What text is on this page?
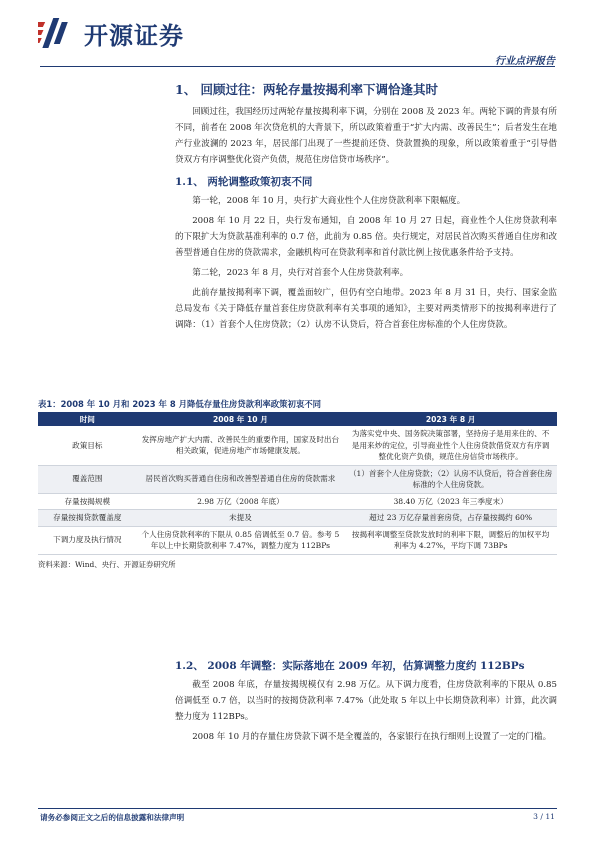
开源证券
行业点评报告
1、 回顾过往：两轮存量按揭利率下调恰逢其时
回顾过往，我国经历过两轮存量按揭利率下调，分别在 2008 及 2023 年。两轮下调的背景有所不同，前者在 2008 年次贷危机的大背景下，所以政策着重于“扩大内需、改善民生”；后者发生在地产行业波澜的 2023 年，居民部门出现了一些提前还贷、贷款置换的现象，所以政策着重于“引导借贷双方有序调整优化资产负债，规范住房信贷市场秩序”。
1.1、 两轮调整政策初衷不同
第一轮，2008 年 10 月，央行扩大商业性个人住房贷款利率下限幅度。
2008 年 10 月 22 日，央行发布通知，自 2008 年 10 月 27 日起，商业性个人住房贷款利率的下限扩大为贷款基准利率的 0.7 倍，此前为 0.85 倍。央行规定，对居民首次购买普通自住房和改善型普通自住房的贷款需求，金融机构可在贷款利率和首付款比例上按优惠条件给予支持。
第二轮，2023 年 8 月，央行对首套个人住房贷款利率。
此前存量按揭利率下调，覆盖面较广，但仍有空白地带。2023 年 8 月 31 日，央行、国家金监总局发布《关于降低存量首套住房贷款利率有关事项的通知》，主要对两类情形下的按揭利率进行了调降：（1）首套个人住房贷款；（2）认房不认贷后，符合首套住房标准的个人住房贷款。
表1：2008 年 10 月和 2023 年 8 月降低存量住房贷款利率政策初衷不同
时间	2008 年 10 月	2023 年 8 月
政策目标	发挥房地产扩大内需、改善民生的重要作用，国家及时出台相关政策，促进房地产市场健康发展。	为落实党中央、国务院决策部署，坚持房子是用来住的、不是用来炒的定位，引导商业性个人住房贷款借贷双方有序调整优化资产负债，规范住房信贷市场秩序。
覆盖范围	居民首次购买普通自住房和改善型普通自住房的贷款需求	（1）首套个人住房贷款；（2）认房不认贷后，符合首套住房标准的个人住房贷款。
存量按揭规模	2.98 万亿（2008 年底）	38.40 万亿（2023 年三季度末）
存量按揭贷款覆盖度	未提及	超过 23 万亿存量首套房贷，占存量按揭约 60%
下调力度及执行情况	个人住房贷款利率的下限从 0.85 倍调低至 0.7 倍。参考 5 年以上中长期贷款利率 7.47%，调整力度为 112BPs	按揭利率调整至贷款发放时的利率下限，调整后的加权平均利率为 4.27%，平均下调 73BPs
资料来源：Wind、央行、开源证券研究所
1.2、 2008 年调整：实际落地在 2009 年初，估算调整力度约 112BPs
截至 2008 年底，存量按揭规模仅有 2.98 万亿。从下调力度看，住房贷款利率的下限从 0.85 倍调低至 0.7 倍，以当时的按揭贷款利率 7.47%（此处取 5 年以上中长期贷款利率）计算，此次调整力度为 112BPs。
2008 年 10 月的存量住房贷款下调不是全覆盖的，各家银行在执行细则上设置了一定的门槛。
请务必参阅正文之后的信息披露和法律声明	3 / 11
